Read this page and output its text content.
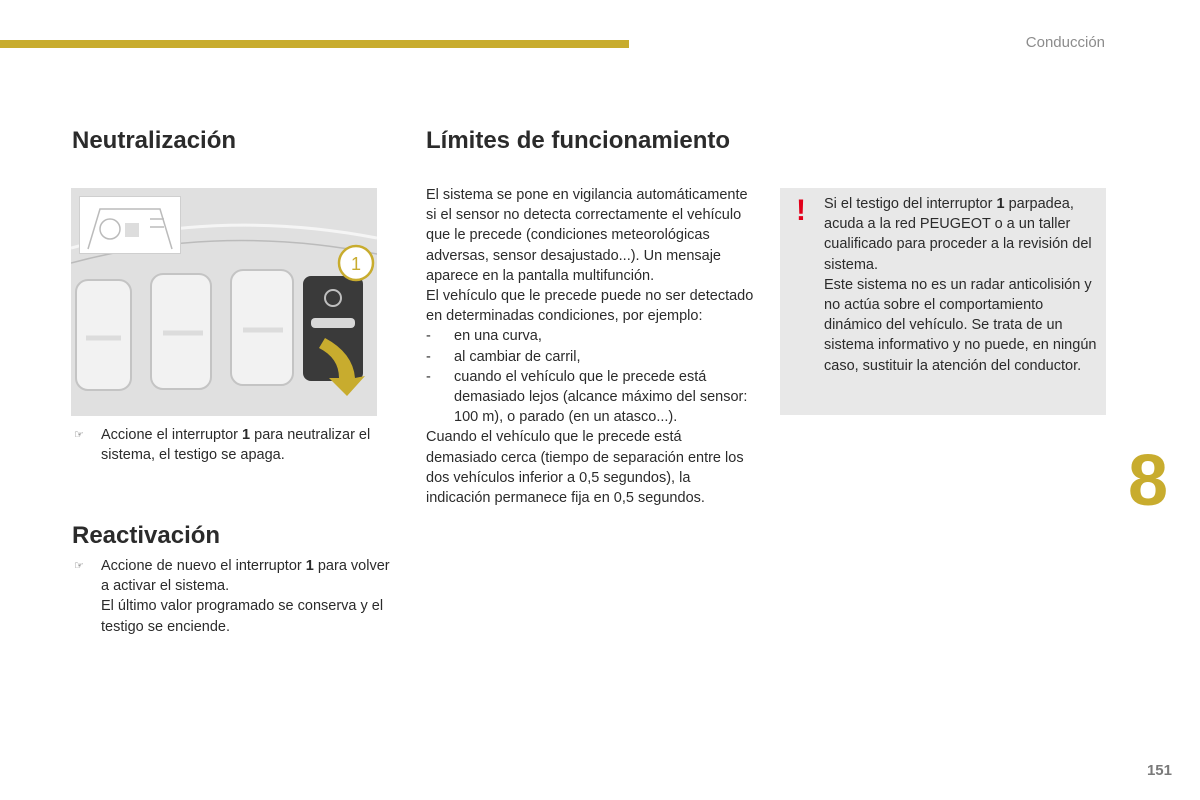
Conducción
Neutralización
1
☞ Accione el interruptor 1 para neutralizar el sistema, el testigo se apaga.
Reactivación
☞ Accione de nuevo el interruptor 1 para volver a activar el sistema.
El último valor programado se conserva y el testigo se enciende.
Límites de funcionamiento
El sistema se pone en vigilancia automáticamente si el sensor no detecta correctamente el vehículo que le precede (condiciones meteorológicas adversas, sensor desajustado...). Un mensaje aparece en la pantalla multifunción.
El vehículo que le precede puede no ser detectado en determinadas condiciones, por ejemplo:
- en una curva,
- al cambiar de carril,
- cuando el vehículo que le precede está demasiado lejos (alcance máximo del sensor: 100 m), o parado (en un atasco...).
Cuando el vehículo que le precede está demasiado cerca (tiempo de separación entre los dos vehículos inferior a 0,5 segundos), la indicación permanece fija en 0,5 segundos.
! Si el testigo del interruptor 1 parpadea, acuda a la red PEUGEOT o a un taller cualificado para proceder a la revisión del sistema.
Este sistema no es un radar anticolisión y no actúa sobre el comportamiento dinámico del vehículo. Se trata de un sistema informativo y no puede, en ningún caso, sustituir la atención del conductor.
8
151
